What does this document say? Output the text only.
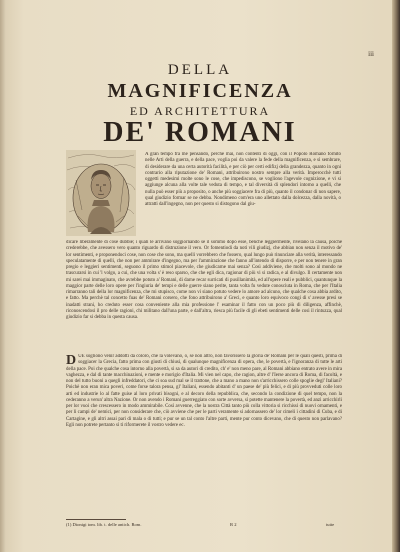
iii
DELLA
MAGNIFICENZA
ED ARCHITETTURA
DE' ROMANI
A gran tempo fra me pensando, perchè mai, non contenti di oggi, con il Popolo Romano fornito nelle Arti della guerra, e della pace, voglia poi da valere la fede della magnificenza, e sì sembrare, di desiderare da una certa autorità facilità, e per ciò per certi edifizj della grandezza, quanto in ogni contrario alla riputazione de' Romani, attribuirono nostro sempre alla verità. Imperocchè tutti oggetti medesimi molte sono le cose, che impediscono, se vogliono l'agevole cognizione, e vi si aggiunge alcuna alla volte tale veduta di tempo, e tal diversità di splendori intorno a quelli, che nulla può esser più a proposito, o anche più soggiacere fra di più, quanto il condonar di non sapere, qual giudizio formar se ne debba. Nondimeno com'era uno allettato dalla dolcezza, dalla novità, o attratti dall'ingegno, non per questo si distogono dal giu-
dicare liberamente di cose dubbie; i quali le arrivano soggiornando se il sommo dopo esse, benchè leggiermente, rivelano la causa, poichè crederebbe, che avessero vero quanto riguardo di distruzione il vero. Or fomentiodi da noti vili giudizj, che abbian non senza il motivo de' lor sentimenti, e proponendoci cose, non cose che sono, ma quelli vorrebbero che fossero, qual lungo può rinunciare alla verità, interessando speculatamente di quelli, che non per ammirare d'ingegno, ma per l'ammirazione che fanno all'intendo di disporre, e per non tenere in gran pregio e leggieri sentimenti, seguono il primo stimol piacevole, che giudicarne mai senza? Così addiviene, che molti sono al mondo ne trascurarsi in cui 'l volgo, a cui, che una volta s' è reso sparso, che che egli dica, ragionar di più vi si radica, e al divulgo. Il certamente non mi sarei mai immaginato, che avrebbe potuto a' Romani, di darne recar surricati di pusillanimità, ed all'opere reali e pubblici, quantunque la maggior parte delle loro opere per l'ingiuria de' tempi e delle guerre siano perite, tanta volta fu vedute conosciuta in Roma, che per l'Italia rimarranno tali della lor magnificenza, che mi stupisco, come non vi siano potuto vedere lo amore ad alcuno, che qualche cosa abbia ardito, e fatto. Ma perchè tal concetto fuas de' Romani corsero, che fono attribuirono a' Greci, e quanto loro equivoco congi di s' avesse presi se inadatti strani, ho creduto esser cosa conveniente alla mia professione l' esaminar il fatto con un poco più di diligenza, affinchè, riconoscendosi il pro delle ragioni, chi militano dall'una parte, e dall'altra, riesca più facile di gli ebeti sentimenti delle cosi il rintuzza, qual giudizio far si debba in questa causa.
DUE sogliono venir addotti da coloro, che la volevano, o, se non altro, non favorissero la gloria de' Romani per le quali questi, prima di soggiacer la Grecia, fatto prima con giusti di chiusi, di qualunque magnificenza di opera, che, le povertà, e l'ignoranza di tutte le arti della pace. Poi che qualche cosa intorno alla povertà, si sa da autori di credito, ch' e' non meno pare, al Romani abbiano entrato avere in mira vaghezza, e dal di tante macchinazioni, e mente e morigio d'Italia. Mi vien nel capo, che ragion, altre d' l'Ierse ancora di Roma, di facoltà, e non del tutto buoni a quegli infreddatori, che ci soa sud mal se il trattone, che a mano a mano non s'arricchissero colle spoglie degl' Italiani? Poichè non eran mica poveri, come forse talora pensa, gl' Italiani, essendo abitanti d' un paese de' più felici, e di più provveduti colle loro arti ed industrie lo al fatte guise al loro privati bisogni, e al decoro della repubblica, che, secondo la condizione di quel tempo, non la cederanno a verun' altra Nazione. Or non avendo i Romani guerreggiato con sorte avversa, sì potette mantenere la povertà, ed anzi arricchirli per lor vuoi che crescessero in modo ammirabile. Così avvenne, che la nostra Città tanto più colla vittoria si ricchissi di nuovi ornamenti, e per li campi de' nemici, per non considerare che, ciò avviene che per le parti veramente si adornassero de' lor cimeli i cittadini di Cuba, e di Cartagine, e gli altri assai pari di mala o di tutti; e pur se un tal conto l'altre parti, mente pur conto dicevano, che di questo non parlavano? Egli non potrete pertanto sì ti riformerete il vostro vedere ec.
(1) Dionigi tom. lib. t. delle antich. Rom.	R 2	tutte
